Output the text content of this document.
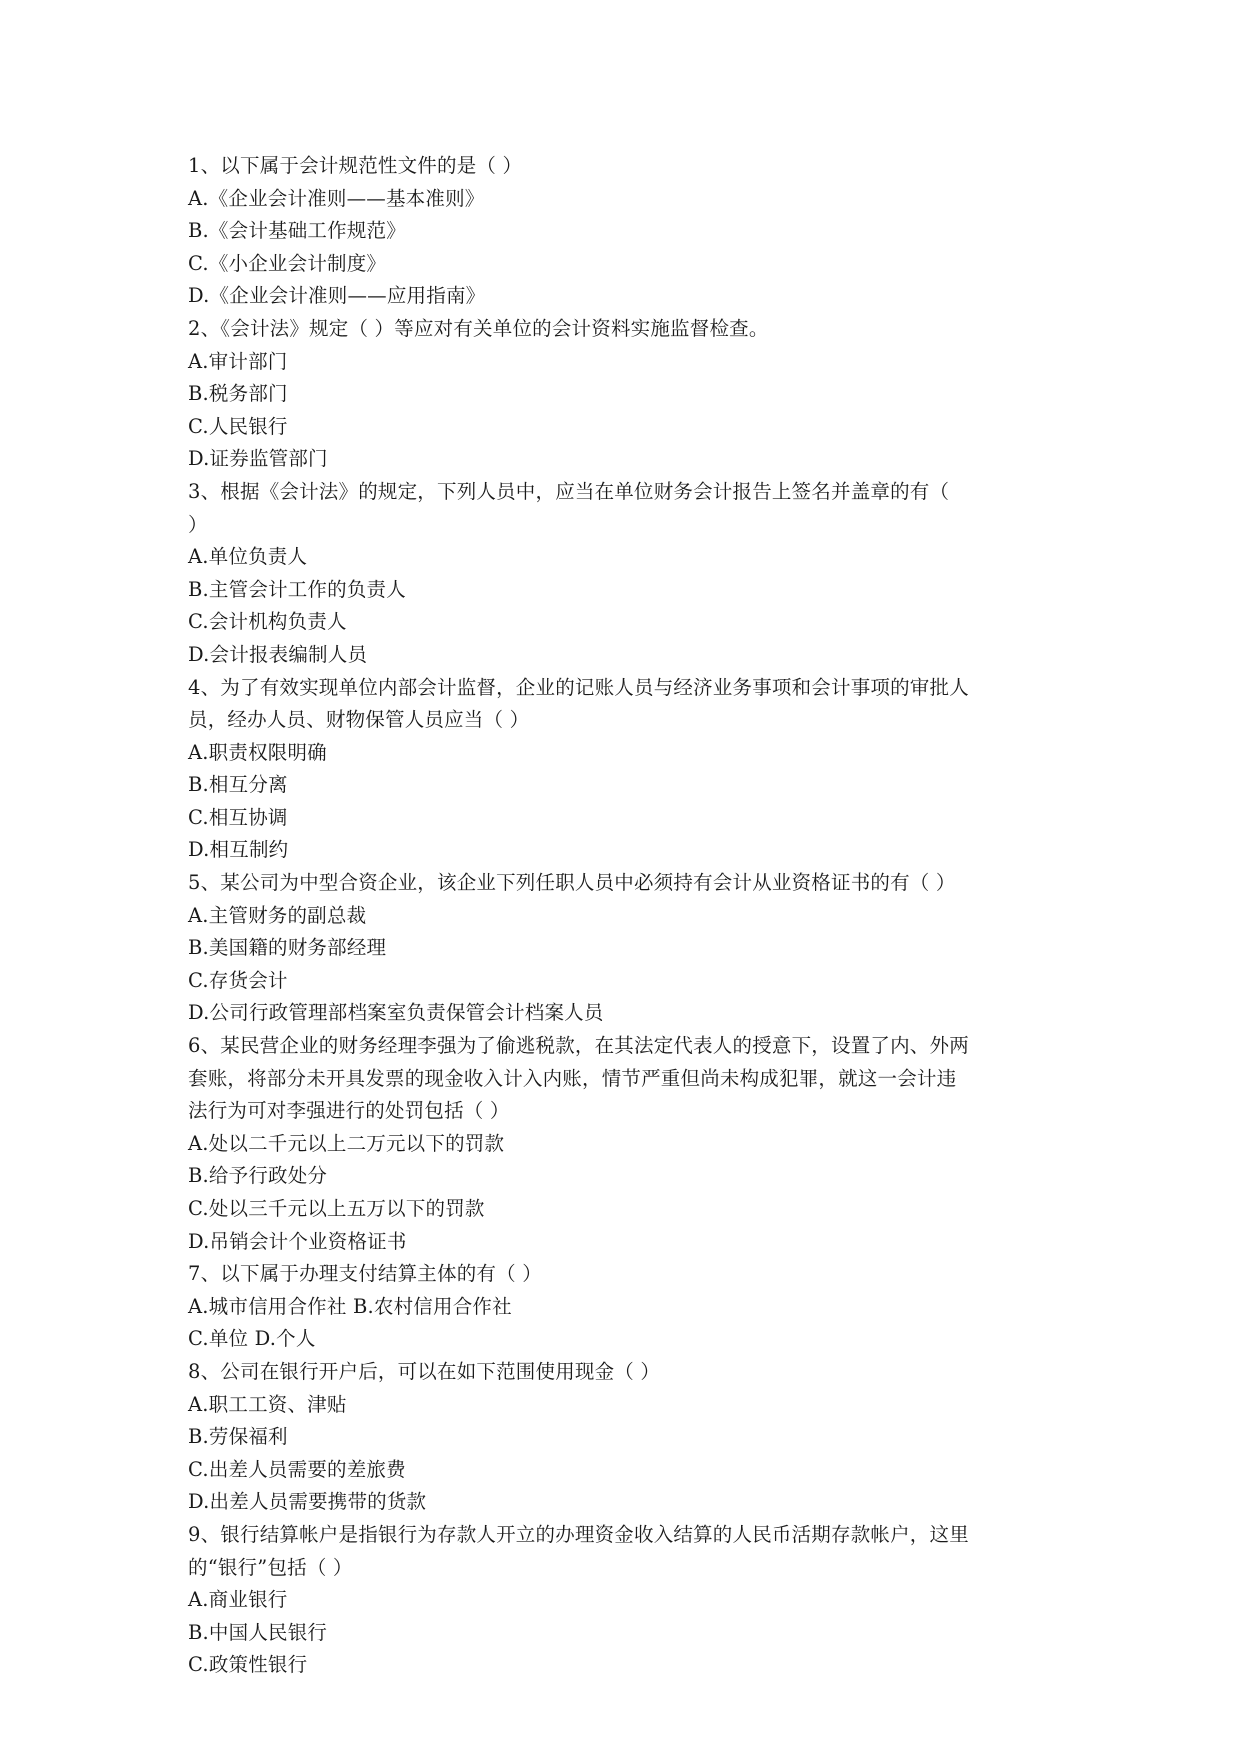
1、以下属于会计规范性文件的是（ ）
A.《企业会计准则——基本准则》
B.《会计基础工作规范》
C.《小企业会计制度》
D.《企业会计准则——应用指南》
2、《会计法》规定（ ）等应对有关单位的会计资料实施监督检查。
A.审计部门
B.税务部门
C.人民银行
D.证券监管部门
3、根据《会计法》的规定，下列人员中，应当在单位财务会计报告上签名并盖章的有（
）
A.单位负责人
B.主管会计工作的负责人
C.会计机构负责人
D.会计报表编制人员
4、为了有效实现单位内部会计监督，企业的记账人员与经济业务事项和会计事项的审批人
员，经办人员、财物保管人员应当（ ）
A.职责权限明确
B.相互分离
C.相互协调
D.相互制约
5、某公司为中型合资企业，该企业下列任职人员中必须持有会计从业资格证书的有（ ）
A.主管财务的副总裁
B.美国籍的财务部经理
C.存货会计
D.公司行政管理部档案室负责保管会计档案人员
6、某民营企业的财务经理李强为了偷逃税款，在其法定代表人的授意下，设置了内、外两
套账，将部分未开具发票的现金收入计入内账，情节严重但尚未构成犯罪，就这一会计违
法行为可对李强进行的处罚包括（ ）
A.处以二千元以上二万元以下的罚款
B.给予行政处分
C.处以三千元以上五万以下的罚款
D.吊销会计个业资格证书
7、以下属于办理支付结算主体的有（ ）
A.城市信用合作社 B.农村信用合作社
C.单位 D.个人
8、公司在银行开户后，可以在如下范围使用现金（ ）
A.职工工资、津贴
B.劳保福利
C.出差人员需要的差旅费
D.出差人员需要携带的货款
9、银行结算帐户是指银行为存款人开立的办理资金收入结算的人民币活期存款帐户，这里
的“银行”包括（ ）
A.商业银行
B.中国人民银行
C.政策性银行
